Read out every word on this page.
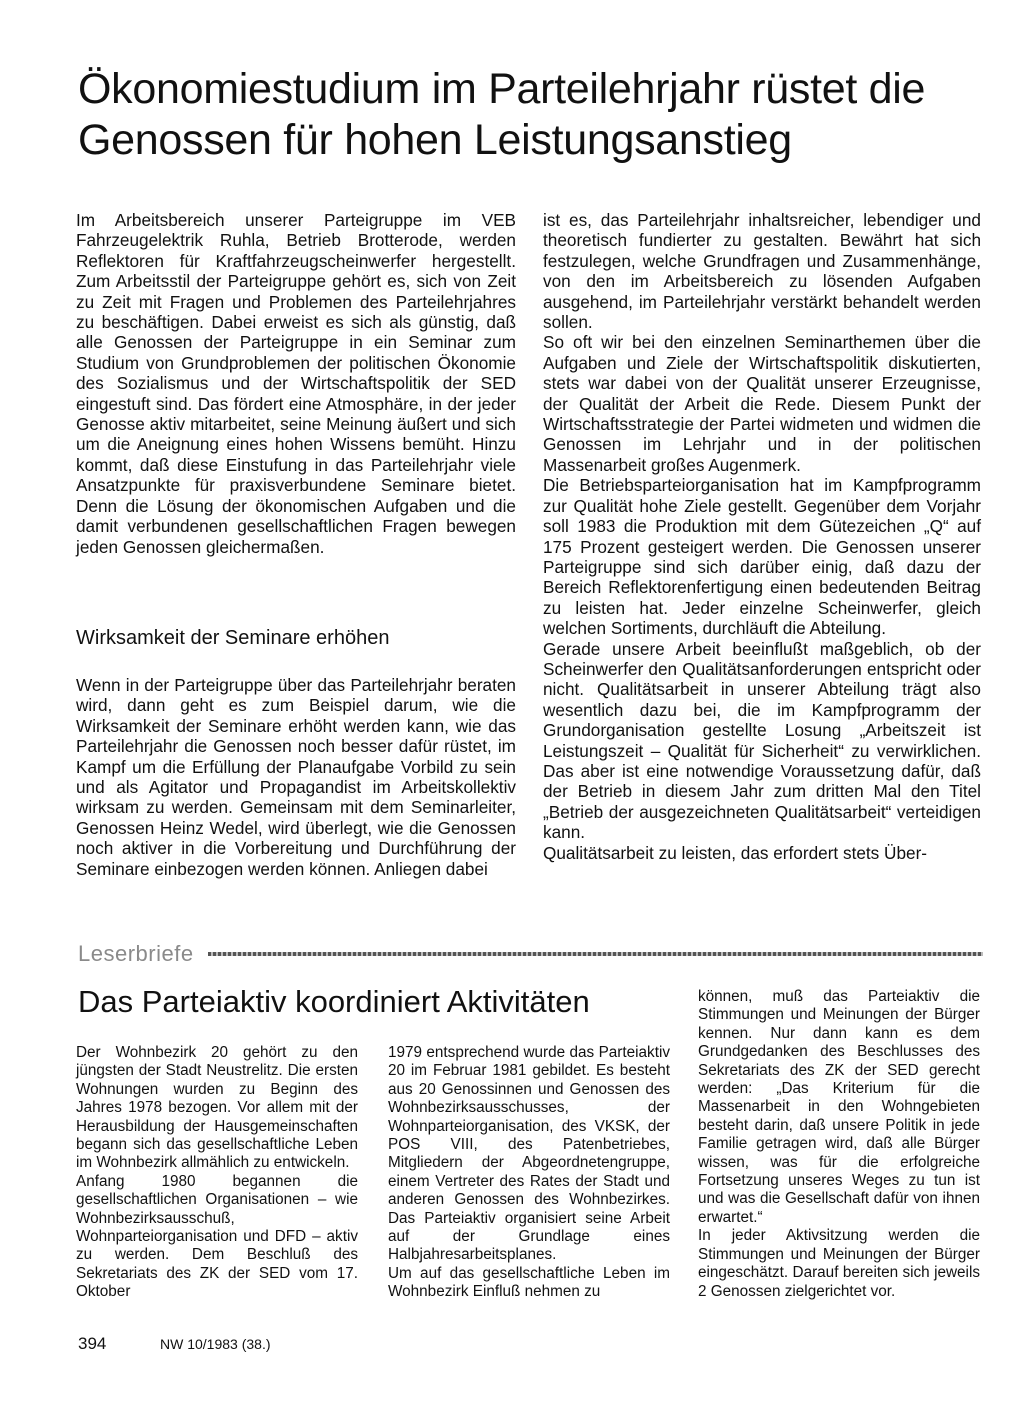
Ökonomiestudium im Parteilehrjahr rüstet die Genossen für hohen Leistungsanstieg

Im Arbeitsbereich unserer Parteigruppe im VEB Fahrzeugelektrik Ruhla, Betrieb Brotterode, werden Reflektoren für Kraftfahrzeugscheinwerfer hergestellt. Zum Arbeitsstil der Parteigruppe gehört es, sich von Zeit zu Zeit mit Fragen und Problemen des Parteilehrjahres zu beschäftigen. Dabei erweist es sich als günstig, daß alle Genossen der Parteigruppe in ein Seminar zum Studium von Grundproblemen der politischen Ökonomie des Sozialismus und der Wirtschaftspolitik der SED eingestuft sind. Das fördert eine Atmosphäre, in der jeder Genosse aktiv mitarbeitet, seine Meinung äußert und sich um die Aneignung eines hohen Wissens bemüht. Hinzu kommt, daß diese Einstufung in das Parteilehrjahr viele Ansatzpunkte für praxisverbundene Seminare bietet. Denn die Lösung der ökonomischen Aufgaben und die damit verbundenen gesellschaftlichen Fragen bewegen jeden Genossen gleichermaßen.

Wirksamkeit der Seminare erhöhen

Wenn in der Parteigruppe über das Parteilehrjahr beraten wird, dann geht es zum Beispiel darum, wie die Wirksamkeit der Seminare erhöht werden kann, wie das Parteilehrjahr die Genossen noch besser dafür rüstet, im Kampf um die Erfüllung der Planaufgabe Vorbild zu sein und als Agitator und Propagandist im Arbeitskollektiv wirksam zu werden. Gemeinsam mit dem Seminarleiter, Genossen Heinz Wedel, wird überlegt, wie die Genossen noch aktiver in die Vorbereitung und Durchführung der Seminare einbezogen werden können. Anliegen dabei

ist es, das Parteilehrjahr inhaltsreicher, lebendiger und theoretisch fundierter zu gestalten. Bewährt hat sich festzulegen, welche Grundfragen und Zusammenhänge, von den im Arbeitsbereich zu lösenden Aufgaben ausgehend, im Parteilehrjahr verstärkt behandelt werden sollen.

So oft wir bei den einzelnen Seminarthemen über die Aufgaben und Ziele der Wirtschaftspolitik diskutierten, stets war dabei von der Qualität unserer Erzeugnisse, der Qualität der Arbeit die Rede. Diesem Punkt der Wirtschaftsstrategie der Partei widmeten und widmen die Genossen im Lehrjahr und in der politischen Massenarbeit großes Augenmerk.

Die Betriebsparteiorganisation hat im Kampfprogramm zur Qualität hohe Ziele gestellt. Gegenüber dem Vorjahr soll 1983 die Produktion mit dem Gütezeichen „Q“ auf 175 Prozent gesteigert werden. Die Genossen unserer Parteigruppe sind sich darüber einig, daß dazu der Bereich Reflektorenfertigung einen bedeutenden Beitrag zu leisten hat. Jeder einzelne Scheinwerfer, gleich welchen Sortiments, durchläuft die Abteilung.

Gerade unsere Arbeit beeinflußt maßgeblich, ob der Scheinwerfer den Qualitätsanforderungen entspricht oder nicht. Qualitätsarbeit in unserer Abteilung trägt also wesentlich dazu bei, die im Kampfprogramm der Grundorganisation gestellte Losung „Arbeitszeit ist Leistungszeit – Qualität für Sicherheit“ zu verwirklichen. Das aber ist eine notwendige Voraussetzung dafür, daß der Betrieb in diesem Jahr zum dritten Mal den Titel „Betrieb der ausgezeichneten Qualitätsarbeit“ verteidigen kann.

Qualitätsarbeit zu leisten, das erfordert stets Über-

Leserbriefe
Das Parteiaktiv koordiniert Aktivitäten

Der Wohnbezirk 20 gehört zu den jüngsten der Stadt Neustrelitz. Die ersten Wohnungen wurden zu Beginn des Jahres 1978 bezogen. Vor allem mit der Herausbildung der Hausgemeinschaften begann sich das gesellschaftliche Leben im Wohnbezirk allmählich zu entwickeln.

Anfang 1980 begannen die gesellschaftlichen Organisationen – wie Wohnbezirksausschuß, Wohnparteiorganisation und DFD – aktiv zu werden. Dem Beschluß des Sekretariats des ZK der SED vom 17. Oktober

1979 entsprechend wurde das Parteiaktiv 20 im Februar 1981 gebildet. Es besteht aus 20 Genossinnen und Genossen des Wohnbezirksausschusses, der Wohnparteiorganisation, des VKSK, der POS VIII, des Patenbetriebes, Mitgliedern der Abgeordnetengruppe, einem Vertreter des Rates der Stadt und anderen Genossen des Wohnbezirkes. Das Parteiaktiv organisiert seine Arbeit auf der Grundlage eines Halbjahresarbeitsplanes.

Um auf das gesellschaftliche Leben im Wohnbezirk Einfluß nehmen zu

können, muß das Parteiaktiv die Stimmungen und Meinungen der Bürger kennen. Nur dann kann es dem Grundgedanken des Beschlusses des Sekretariats des ZK der SED gerecht werden: „Das Kriterium für die Massenarbeit in den Wohngebieten besteht darin, daß unsere Politik in jede Familie getragen wird, daß alle Bürger wissen, was für die erfolgreiche Fortsetzung unseres Weges zu tun ist und was die Gesellschaft dafür von ihnen erwartet.“

In jeder Aktivsitzung werden die Stimmungen und Meinungen der Bürger eingeschätzt. Darauf bereiten sich jeweils 2 Genossen zielgerichtet vor.

394	NW 10/1983 (38.)
